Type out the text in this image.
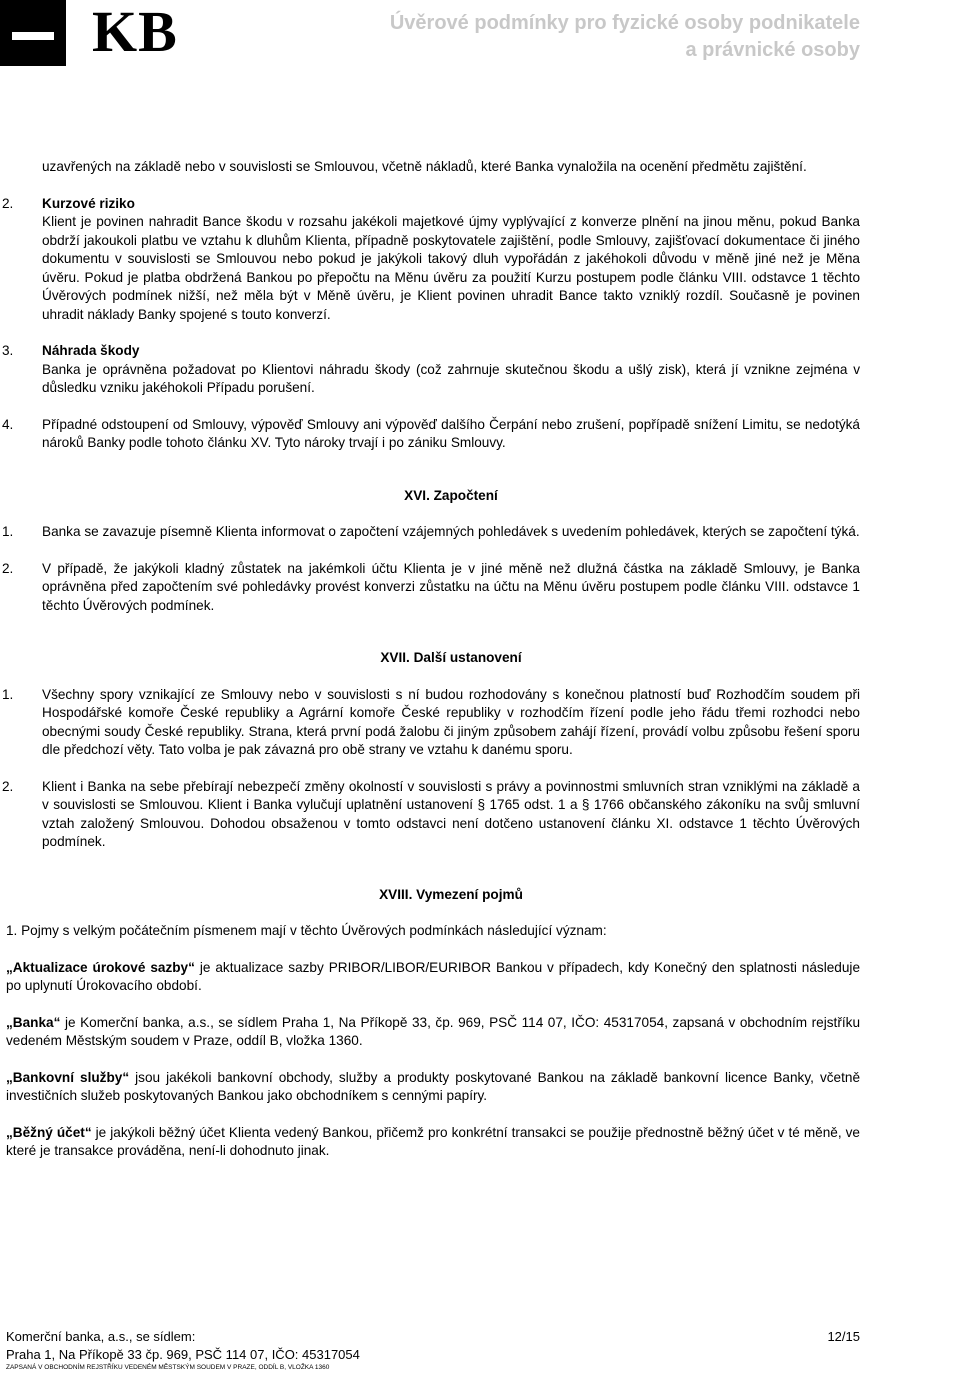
KB	Úvěrové podmínky pro fyzické osoby podnikatele
a právnické osoby

uzavřených na základě nebo v souvislosti se Smlouvou, včetně nákladů, které Banka vynaložila na ocenění předmětu zajištění.

2. Kurzové riziko

Klient je povinen nahradit Bance škodu v rozsahu jakékoli majetkové újmy vyplývající z konverze plnění na jinou měnu, pokud Banka obdrží jakoukoli platbu ve vztahu k dluhům Klienta, případně poskytovatele zajištění, podle Smlouvy, zajišťovací dokumentace či jiného dokumentu v souvislosti se Smlouvou nebo pokud je jakýkoli takový dluh vypořádán z jakéhokoli důvodu v měně jiné než je Měna úvěru. Pokud je platba obdržená Bankou po přepočtu na Měnu úvěru za použití Kurzu postupem podle článku VIII. odstavce 1 těchto Úvěrových podmínek nižší, než měla být v Měně úvěru, je Klient povinen uhradit Bance takto vzniklý rozdíl. Současně je povinen uhradit náklady Banky spojené s touto konverzí.

3. Náhrada škody

Banka je oprávněna požadovat po Klientovi náhradu škody (což zahrnuje skutečnou škodu a ušlý zisk), která jí vznikne zejména v důsledku vzniku jakéhokoli Případu porušení.

4. Případné odstoupení od Smlouvy, výpověď Smlouvy ani výpověď dalšího Čerpání nebo zrušení, popřípadě snížení Limitu, se nedotýká nároků Banky podle tohoto článku XV. Tyto nároky trvají i po zániku Smlouvy.

XVI. Započtení
1. Banka se zavazuje písemně Klienta informovat o započtení vzájemných pohledávek s uvedením pohledávek, kterých se započtení týká.

2. V případě, že jakýkoli kladný zůstatek na jakémkoli účtu Klienta je v jiné měně než dlužná částka na základě Smlouvy, je Banka oprávněna před započtením své pohledávky provést konverzi zůstatku na účtu na Měnu úvěru postupem podle článku VIII. odstavce 1 těchto Úvěrových podmínek.

XVII. Další ustanovení
1. Všechny spory vznikající ze Smlouvy nebo v souvislosti s ní budou rozhodovány s konečnou platností buď Rozhodčím soudem při Hospodářské komoře České republiky a Agrární komoře České republiky v rozhodčím řízení podle jeho řádu třemi rozhodci nebo obecnými soudy České republiky. Strana, která první podá žalobu či jiným způsobem zahájí řízení, provádí volbu způsobu řešení sporu dle předchozí věty. Tato volba je pak závazná pro obě strany ve vztahu k danému sporu.

2. Klient i Banka na sebe přebírají nebezpečí změny okolností v souvislosti s právy a povinnostmi smluvních stran vzniklými na základě a v souvislosti se Smlouvou. Klient i Banka vylučují uplatnění ustanovení § 1765 odst. 1 a § 1766 občanského zákoníku na svůj smluvní vztah založený Smlouvou. Dohodou obsaženou v tomto odstavci není dotčeno ustanovení článku XI. odstavce 1 těchto Úvěrových podmínek.

XVIII. Vymezení pojmů

1. Pojmy s velkým počátečním písmenem mají v těchto Úvěrových podmínkách následující význam:

„Aktualizace úrokové sazby“ je aktualizace sazby PRIBOR/LIBOR/EURIBOR Bankou v případech, kdy Konečný den splatnosti následuje po uplynutí Úrokovacího období.

„Banka“ je Komerční banka, a.s., se sídlem Praha 1, Na Příkopě 33, čp. 969, PSČ 114 07, IČO: 45317054, zapsaná v obchodním rejstříku vedeném Městským soudem v Praze, oddíl B, vložka 1360.

„Bankovní služby“ jsou jakékoli bankovní obchody, služby a produkty poskytované Bankou na základě bankovní licence Banky, včetně investičních služeb poskytovaných Bankou jako obchodníkem s cennými papíry.

„Běžný účet“ je jakýkoli běžný účet Klienta vedený Bankou, přičemž pro konkrétní transakci se použije přednostně běžný účet v té měně, ve které je transakce prováděna, není-li dohodnuto jinak.

Komerční banka, a.s., se sídlem:
Praha 1, Na Příkopě 33 čp. 969, PSČ 114 07, IČO: 45317054
ZAPSANÁ V OBCHODNÍM REJSTŘÍKU VEDENÉM MĚSTSKÝM SOUDEM V PRAZE, ODDÍL B, VLOŽKA 1360
12/15
